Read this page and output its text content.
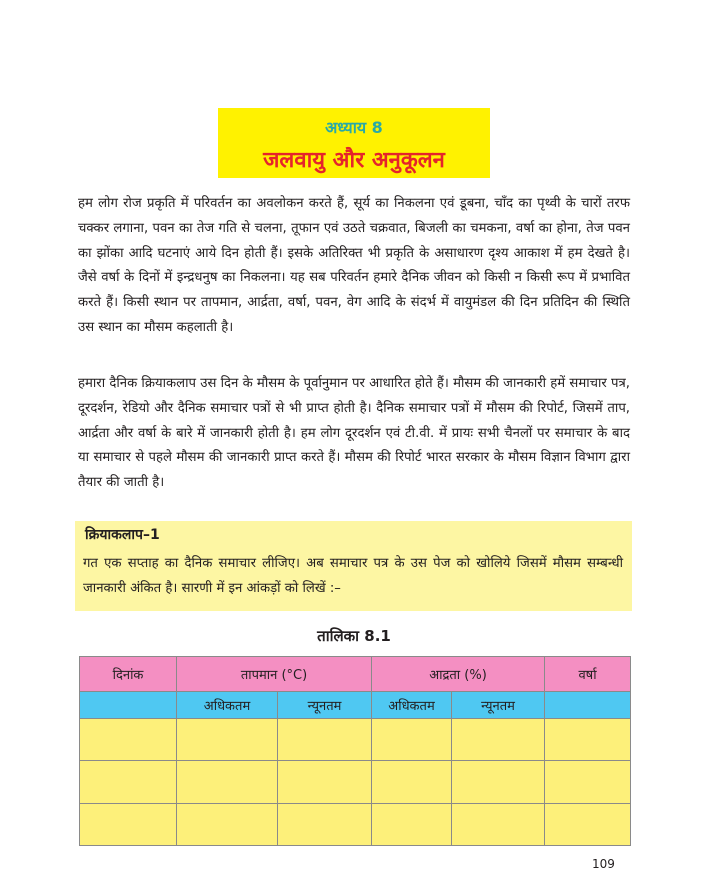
अध्याय 8
जलवायु और अनुकूलन

हम लोग रोज प्रकृति में परिवर्तन का अवलोकन करते हैं, सूर्य का निकलना एवं डूबना, चाँद का पृथ्वी के चारों तरफ चक्कर लगाना, पवन का तेज गति से चलना, तूफान एवं उठते चक्रवात, बिजली का चमकना, वर्षा का होना, तेज पवन का झोंका आदि घटनाएं आये दिन होती हैं। इसके अतिरिक्त भी प्रकृति के असाधारण दृश्य आकाश में हम देखते है। जैसे वर्षा के दिनों में इन्द्रधनुष का निकलना। यह सब परिवर्तन हमारे दैनिक जीवन को किसी न किसी रूप में प्रभावित करते हैं। किसी स्थान पर तापमान, आर्द्रता, वर्षा, पवन, वेग आदि के संदर्भ में वायुमंडल की दिन प्रतिदिन की स्थिति उस स्थान का मौसम कहलाती है।

हमारा दैनिक क्रियाकलाप उस दिन के मौसम के पूर्वानुमान पर आधारित होते हैं। मौसम की जानकारी हमें समाचार पत्र, दूरदर्शन, रेडियो और दैनिक समाचार पत्रों से भी प्राप्त होती है। दैनिक समाचार पत्रों में मौसम की रिपोर्ट, जिसमें ताप, आर्द्रता और वर्षा के बारे में जानकारी होती है। हम लोग दूरदर्शन एवं टी.वी. में प्रायः सभी चैनलों पर समाचार के बाद या समाचार से पहले मौसम की जानकारी प्राप्त करते हैं। मौसम की रिपोर्ट भारत सरकार के मौसम विज्ञान विभाग द्वारा तैयार की जाती है।

क्रियाकलाप–1

गत एक सप्ताह का दैनिक समाचार लीजिए। अब समाचार पत्र के उस पेज को खोलिये जिसमें मौसम सम्बन्धी जानकारी अंकित है। सारणी में इन आंकड़ों को लिखें :–

तालिका 8.1
दिनांक	तापमान (°C)		आद्रता (%)		वर्षा
	अधिकतम	न्यूनतम	अधिकतम	न्यूनतम	

109
